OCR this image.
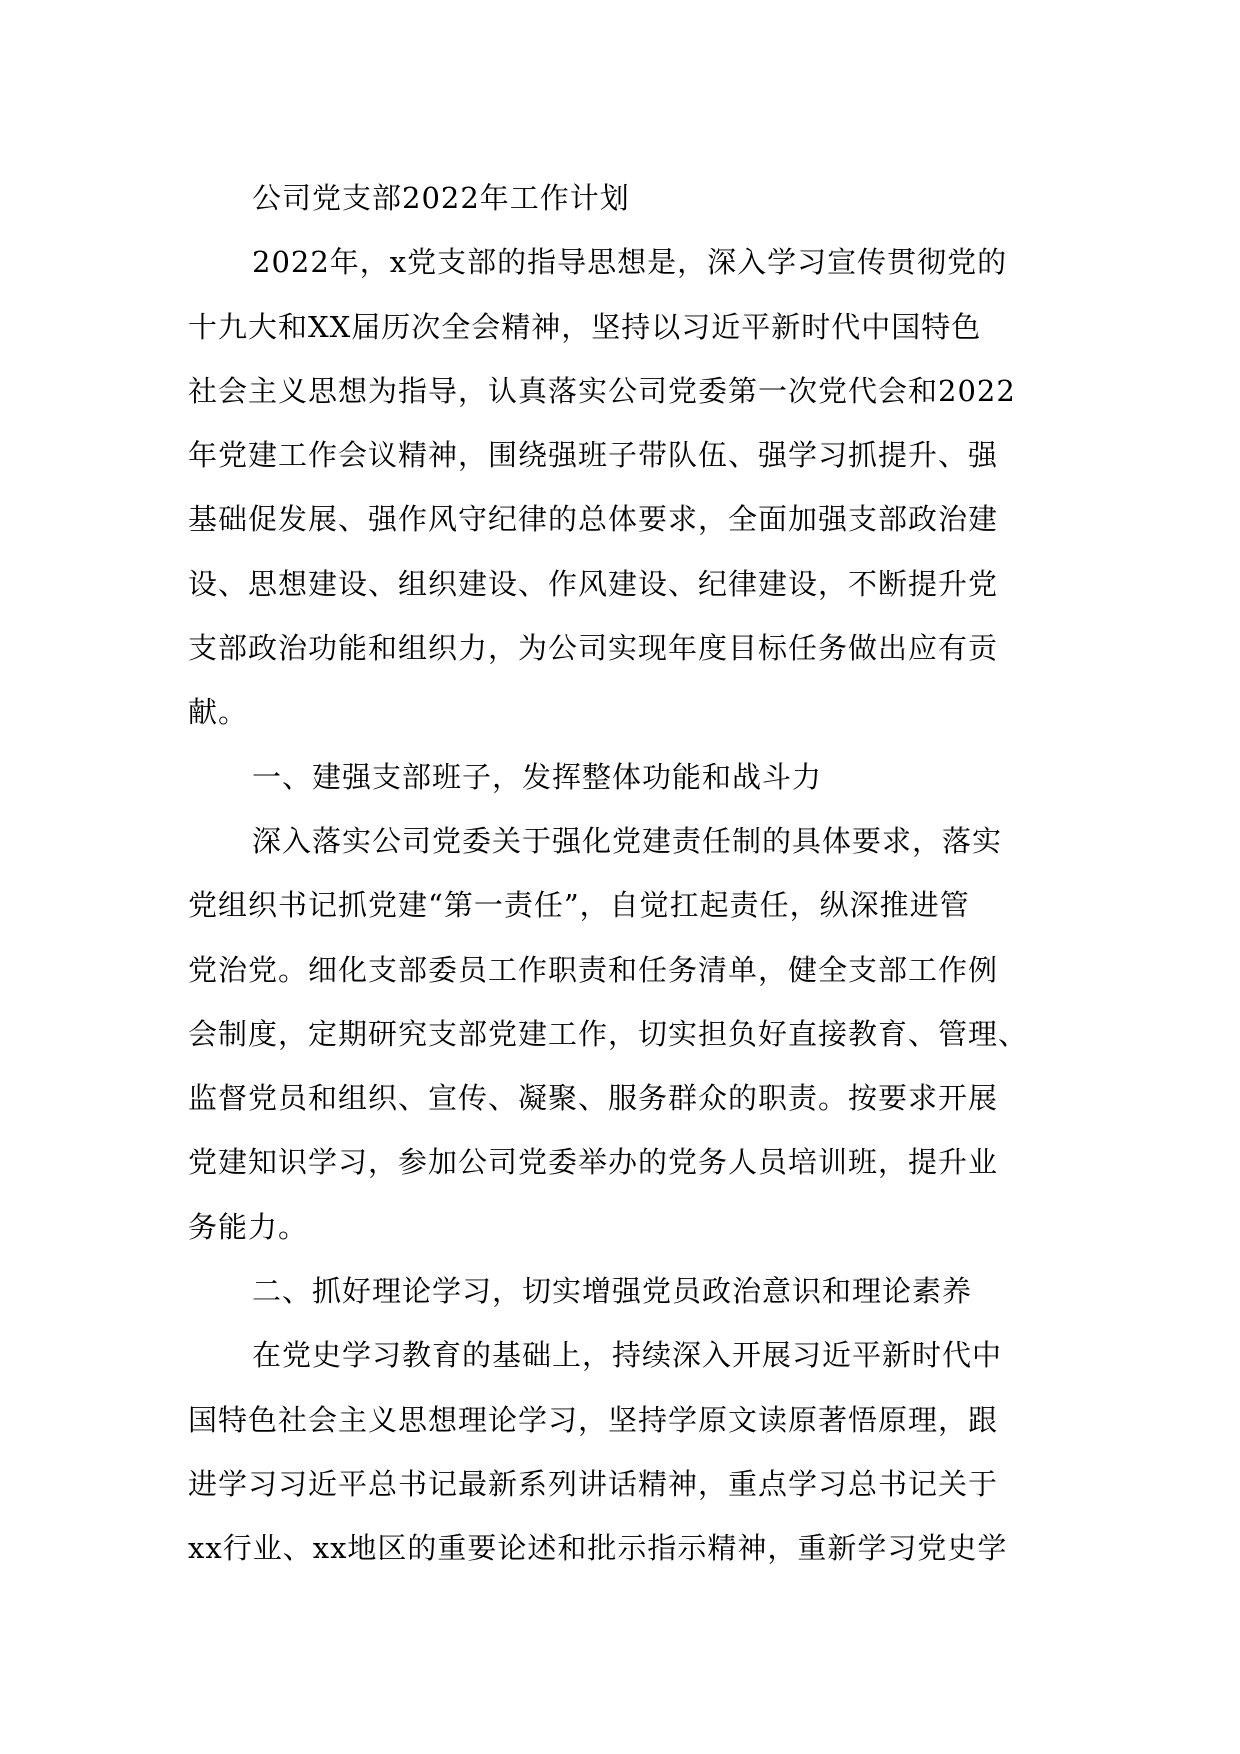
公司党支部2022年工作计划
2022年，x党支部的指导思想是，深入学习宣传贯彻党的
十九大和XX届历次全会精神，坚持以习近平新时代中国特色
社会主义思想为指导，认真落实公司党委第一次党代会和2022
年党建工作会议精神，围绕强班子带队伍、强学习抓提升、强
基础促发展、强作风守纪律的总体要求，全面加强支部政治建
设、思想建设、组织建设、作风建设、纪律建设，不断提升党
支部政治功能和组织力，为公司实现年度目标任务做出应有贡
献。
一、建强支部班子，发挥整体功能和战斗力
深入落实公司党委关于强化党建责任制的具体要求，落实
党组织书记抓党建“第一责任”，自觉扛起责任，纵深推进管
党治党。细化支部委员工作职责和任务清单，健全支部工作例
会制度，定期研究支部党建工作，切实担负好直接教育、管理、
监督党员和组织、宣传、凝聚、服务群众的职责。按要求开展
党建知识学习，参加公司党委举办的党务人员培训班，提升业
务能力。
二、抓好理论学习，切实增强党员政治意识和理论素养
在党史学习教育的基础上，持续深入开展习近平新时代中
国特色社会主义思想理论学习，坚持学原文读原著悟原理，跟
进学习习近平总书记最新系列讲话精神，重点学习总书记关于
xx行业、xx地区的重要论述和批示指示精神，重新学习党史学
